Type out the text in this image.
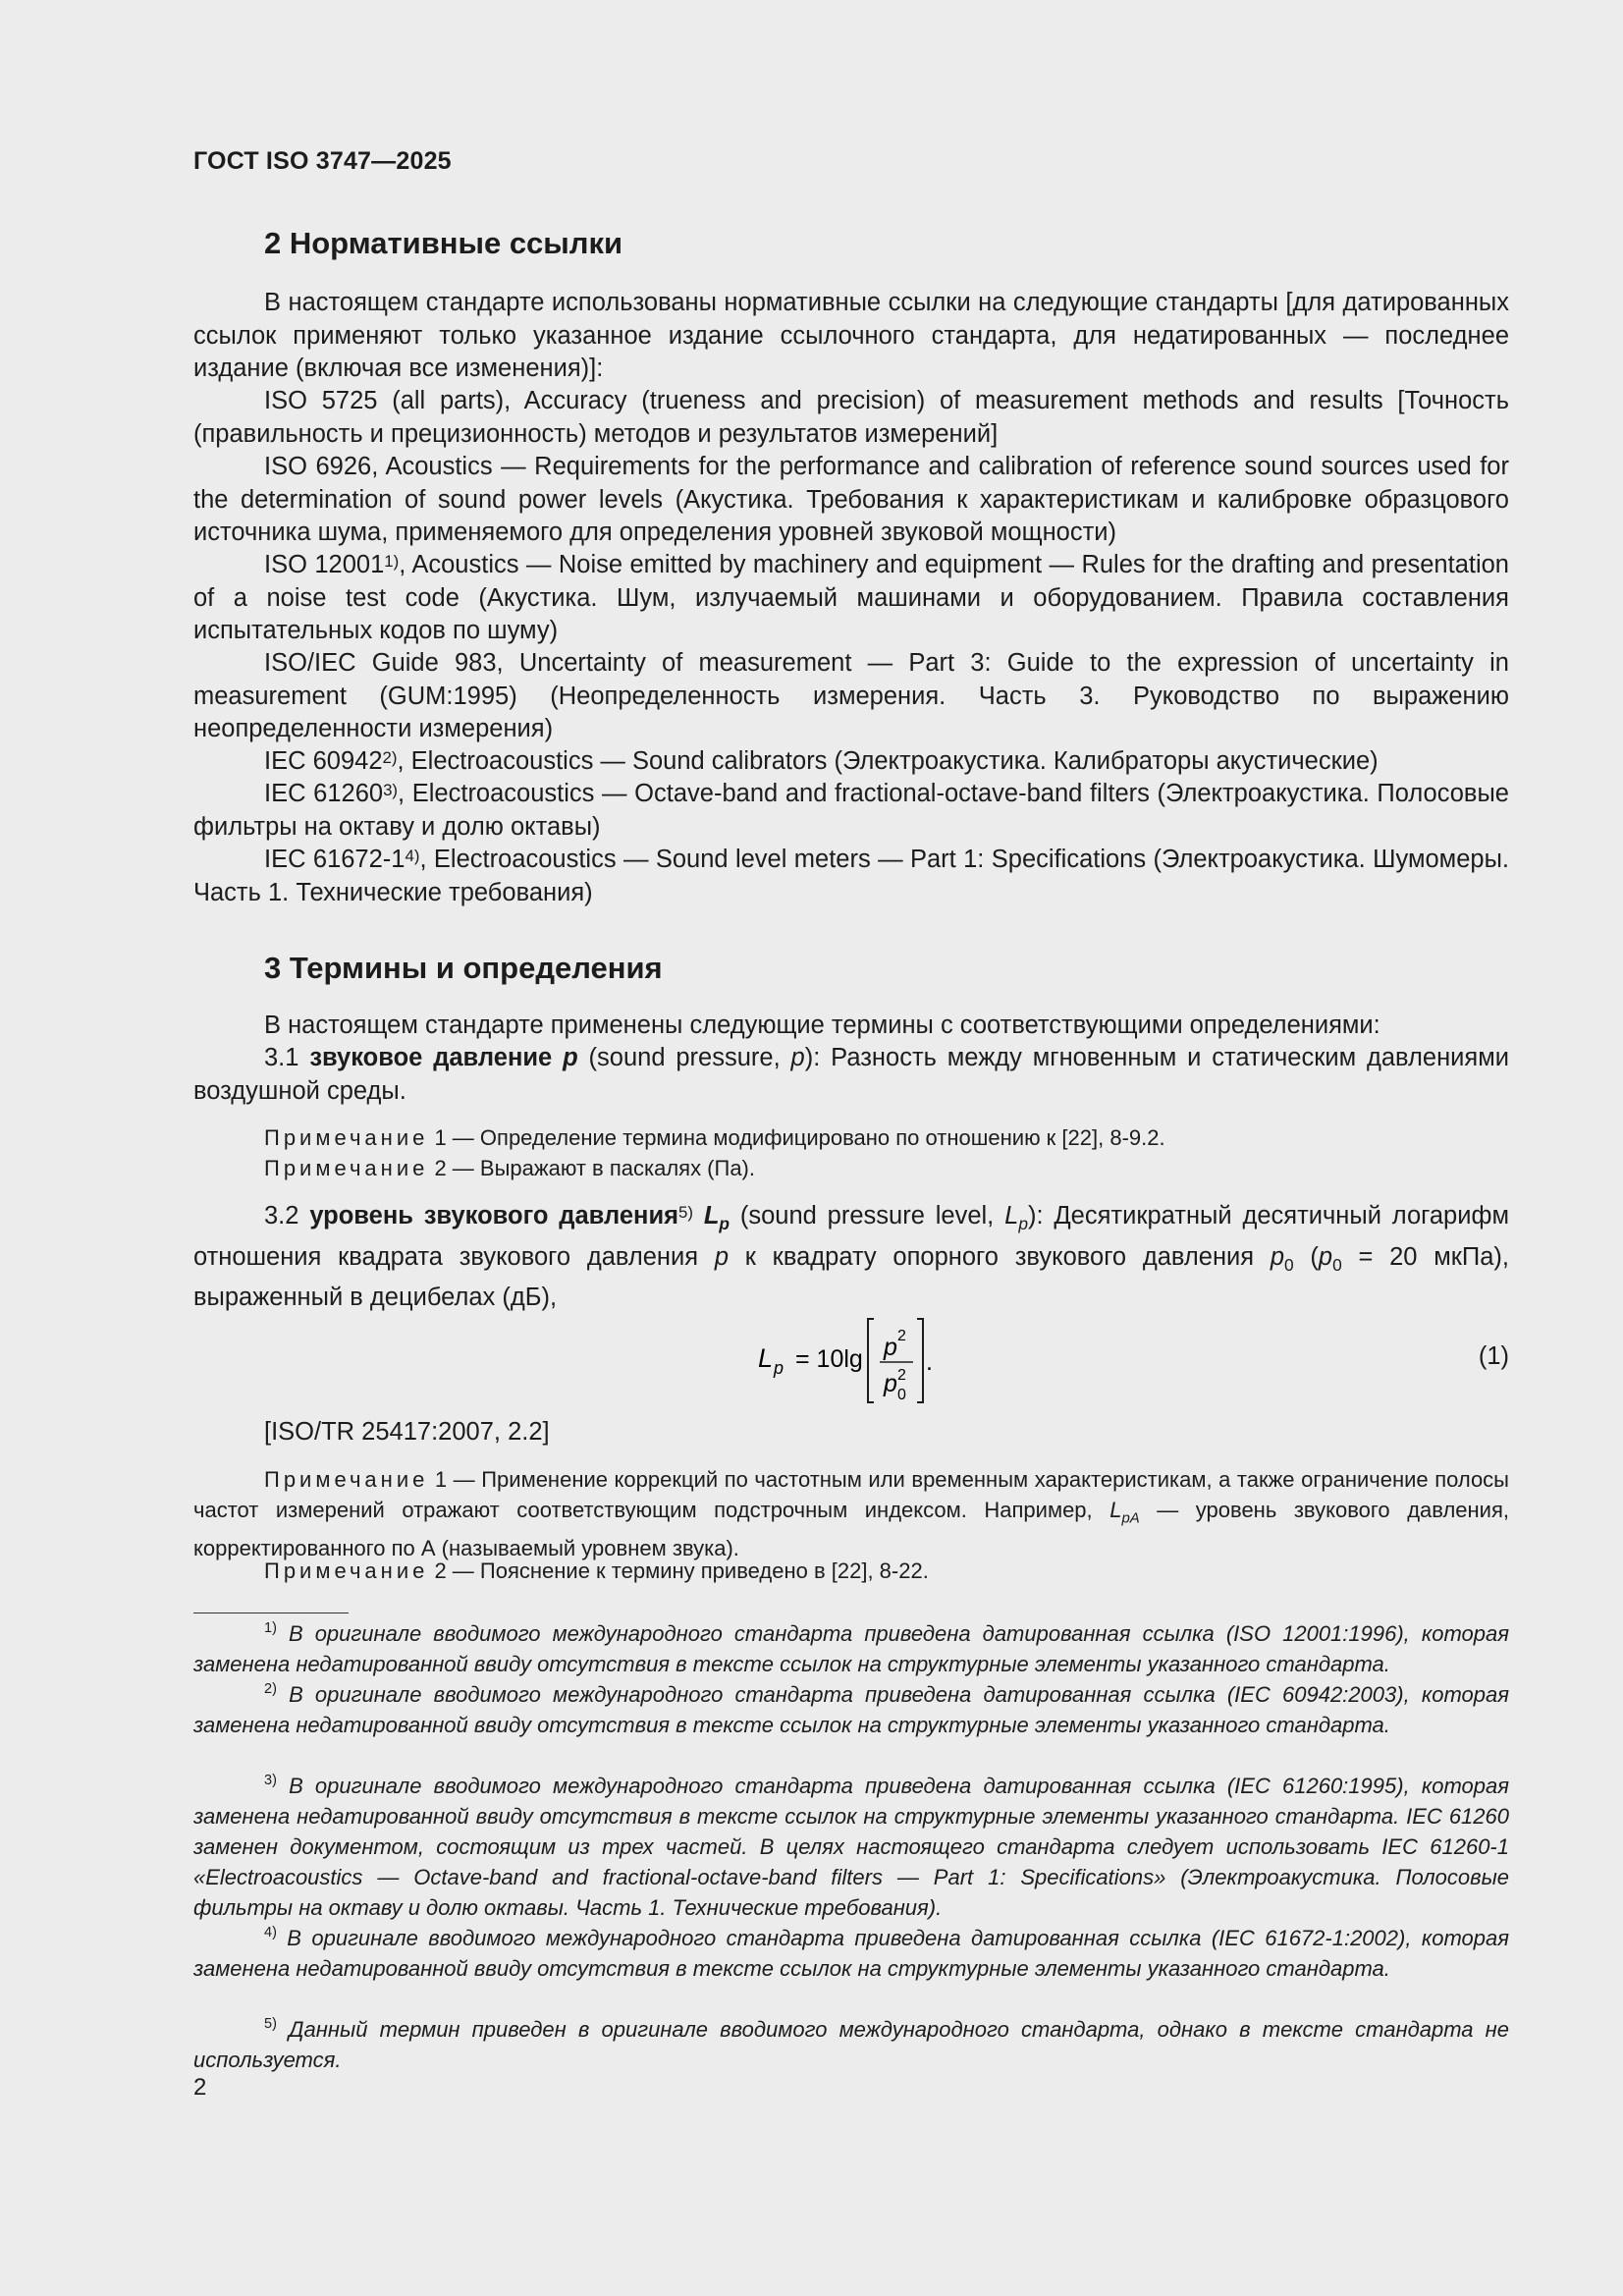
ГОСТ ISO 3747—2025
2 Нормативные ссылки
В настоящем стандарте использованы нормативные ссылки на следующие стандарты [для датированных ссылок применяют только указанное издание ссылочного стандарта, для недатированных — последнее издание (включая все изменения)]:
ISO 5725 (all parts), Accuracy (trueness and precision) of measurement methods and results [Точность (правильность и прецизионность) методов и результатов измерений]
ISO 6926, Acoustics — Requirements for the performance and calibration of reference sound sources used for the determination of sound power levels (Акустика. Требования к характеристикам и калибровке образцового источника шума, применяемого для определения уровней звуковой мощности)
ISO 12001$^{1)}$, Acoustics — Noise emitted by machinery and equipment — Rules for the drafting and presentation of a noise test code (Акустика. Шум, излучаемый машинами и оборудованием. Правила составления испытательных кодов по шуму)
ISO/IEC Guide 983, Uncertainty of measurement — Part 3: Guide to the expression of uncertainty in measurement (GUM:1995) (Неопределенность измерения. Часть 3. Руководство по выражению неопределенности измерения)
IEC 60942$^{2)}$, Electroacoustics — Sound calibrators (Электроакустика. Калибраторы акустические)
IEC 61260$^{3)}$, Electroacoustics — Octave-band and fractional-octave-band filters (Электроакустика. Полосовые фильтры на октаву и долю октавы)
IEC 61672-1$^{4)}$, Electroacoustics — Sound level meters — Part 1: Specifications (Электроакустика. Шумомеры. Часть 1. Технические требования)
3 Термины и определения
В настоящем стандарте применены следующие термины с соответствующими определениями:
3.1 звуковое давление p (sound pressure, p): Разность между мгновенным и статическим давлениями воздушной среды.
Примечание 1 — Определение термина модифицировано по отношению к [22], 8-9.2.
Примечание 2 — Выражают в паскалях (Па).
3.2 уровень звукового давления$^{5)}$ $L_p$ (sound pressure level, $L_p$): Десятикратный десятичный логарифм отношения квадрата звукового давления p к квадрату опорного звукового давления $p_0$ ($p_0 = 20$ мкПа), выраженный в децибелах (дБ),
L p = 10lg p 2
p 2
0
.	(1)
[ISO/TR 25417:2007, 2.2]
Примечание 1 — Применение коррекций по частотным или временным характеристикам, а также ограничение полосы частот измерений отражают соответствующим подстрочным индексом. Например, $L_{pA}$ — уровень звукового давления, корректированного по А (называемый уровнем звука).
Примечание 2 — Пояснение к термину приведено в [22], 8-22.
$^{1)}$ В оригинале вводимого международного стандарта приведена датированная ссылка (ISO 12001:1996), которая заменена недатированной ввиду отсутствия в тексте ссылок на структурные элементы указанного стандарта.
$^{2)}$ В оригинале вводимого международного стандарта приведена датированная ссылка (IEC 60942:2003), которая заменена недатированной ввиду отсутствия в тексте ссылок на структурные элементы указанного стандарта.
$^{3)}$ В оригинале вводимого международного стандарта приведена датированная ссылка (IEC 61260:1995), которая заменена недатированной ввиду отсутствия в тексте ссылок на структурные элементы указанного стандарта. IEC 61260 заменен документом, состоящим из трех частей. В целях настоящего стандарта следует использовать IEC 61260-1 «Electroacoustics — Octave-band and fractional-octave-band filters — Part 1: Specifications» (Электроакустика. Полосовые фильтры на октаву и долю октавы. Часть 1. Технические требования).
$^{4)}$ В оригинале вводимого международного стандарта приведена датированная ссылка (IEC 61672-1:2002), которая заменена недатированной ввиду отсутствия в тексте ссылок на структурные элементы указанного стандарта.
$^{5)}$ Данный термин приведен в оригинале вводимого международного стандарта, однако в тексте стандарта не используется.
2
